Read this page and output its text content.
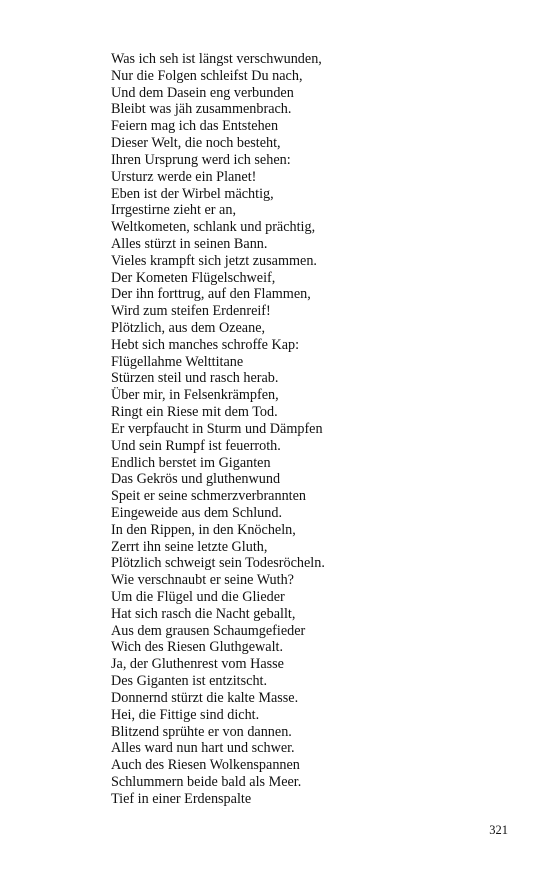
Was ich seh ist längst verschwunden,
Nur die Folgen schleifst Du nach,
Und dem Dasein eng verbunden
Bleibt was jäh zusammenbrach.
Feiern mag ich das Entstehen
Dieser Welt, die noch besteht,
Ihren Ursprung werd ich sehen:
Ursturz werde ein Planet!
Eben ist der Wirbel mächtig,
Irrgestirne zieht er an,
Weltkometen, schlank und prächtig,
Alles stürzt in seinen Bann.
Vieles krampft sich jetzt zusammen.
Der Kometen Flügelschweif,
Der ihn forttrug, auf den Flammen,
Wird zum steifen Erdenreif!
Plötzlich, aus dem Ozeane,
Hebt sich manches schroffe Kap:
Flügellahme Welttitane
Stürzen steil und rasch herab.
Über mir, in Felsenkrämpfen,
Ringt ein Riese mit dem Tod.
Er verpfaucht in Sturm und Dämpfen
Und sein Rumpf ist feuerroth.
Endlich berstet im Giganten
Das Gekrös und gluthenwund
Speit er seine schmerzverbrannten
Eingeweide aus dem Schlund.
In den Rippen, in den Knöcheln,
Zerrt ihn seine letzte Gluth,
Plötzlich schweigt sein Todesröcheln.
Wie verschnaubt er seine Wuth?
Um die Flügel und die Glieder
Hat sich rasch die Nacht geballt,
Aus dem grausen Schaumgefieder
Wich des Riesen Gluthgewalt.
Ja, der Gluthenrest vom Hasse
Des Giganten ist entzitscht.
Donnernd stürzt die kalte Masse.
Hei, die Fittige sind dicht.
Blitzend sprühte er von dannen.
Alles ward nun hart und schwer.
Auch des Riesen Wolkenspannen
Schlummern beide bald als Meer.
Tief in einer Erdenspalte
321
